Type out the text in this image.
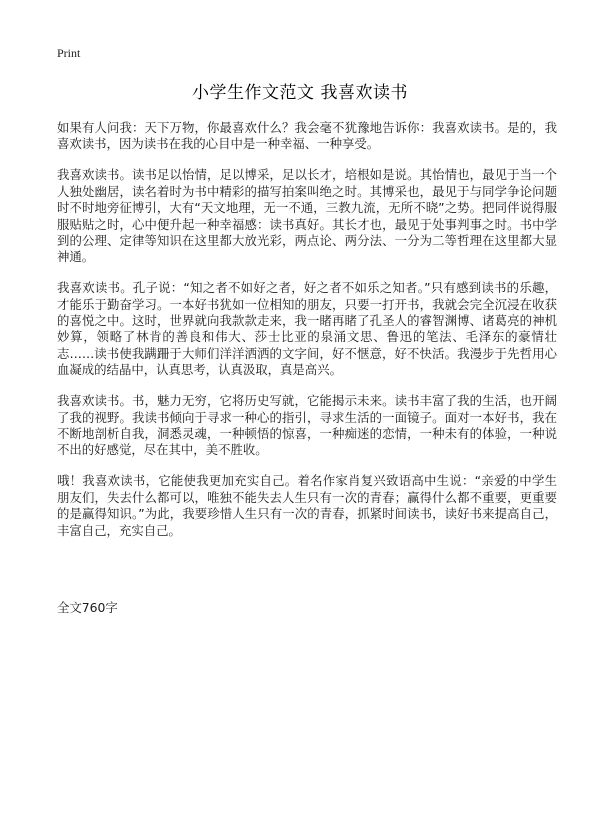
Print
小学生作文范文 我喜欢读书

如果有人问我：天下万物，你最喜欢什么？我会毫不犹豫地告诉你：我喜欢读书。是的，我喜欢读书，因为读书在我的心目中是一种幸福、一种享受。

我喜欢读书。读书足以怡情，足以博采，足以长才，培根如是说。其怡情也，最见于当一个人独处幽居，读名着时为书中精彩的描写拍案叫绝之时。其博采也，最见于与同学争论问题时不时地旁征博引，大有“天文地理，无一不通，三教九流，无所不晓”之势。把同伴说得服服贴贴之时，心中便升起一种幸福感：读书真好。其长才也，最见于处事判事之时。书中学到的公理、定律等知识在这里都大放光彩，两点论、两分法、一分为二等哲理在这里都大显神通。

我喜欢读书。孔子说：“知之者不如好之者，好之者不如乐之知者。”只有感到读书的乐趣，才能乐于勤奋学习。一本好书犹如一位相知的朋友，只要一打开书，我就会完全沉浸在收获的喜悦之中。这时，世界就向我款款走来，我一睹再睹了孔圣人的睿智渊博、诸葛亮的神机妙算，领略了林肯的善良和伟大、莎士比亚的泉涌文思、鲁迅的笔法、毛泽东的豪情壮志……读书使我蹒跚于大师们洋洋洒洒的文字间，好不惬意，好不快活。我漫步于先哲用心血凝成的结晶中，认真思考，认真汲取，真是高兴。

我喜欢读书。书，魅力无穷，它将历史写就，它能揭示未来。读书丰富了我的生活，也开阔了我的视野。我读书倾向于寻求一种心的指引，寻求生活的一面镜子。面对一本好书，我在不断地剖析自我，洞悉灵魂，一种顿悟的惊喜，一种痴迷的恋情，一种未有的体验，一种说不出的好感觉，尽在其中，美不胜收。

哦！我喜欢读书，它能使我更加充实自己。着名作家肖复兴致语高中生说：“亲爱的中学生朋友们，失去什么都可以，唯独不能失去人生只有一次的青春；赢得什么都不重要，更重要的是赢得知识。”为此，我要珍惜人生只有一次的青春，抓紧时间读书，读好书来提高自己，丰富自己，充实自己。

全文760字
